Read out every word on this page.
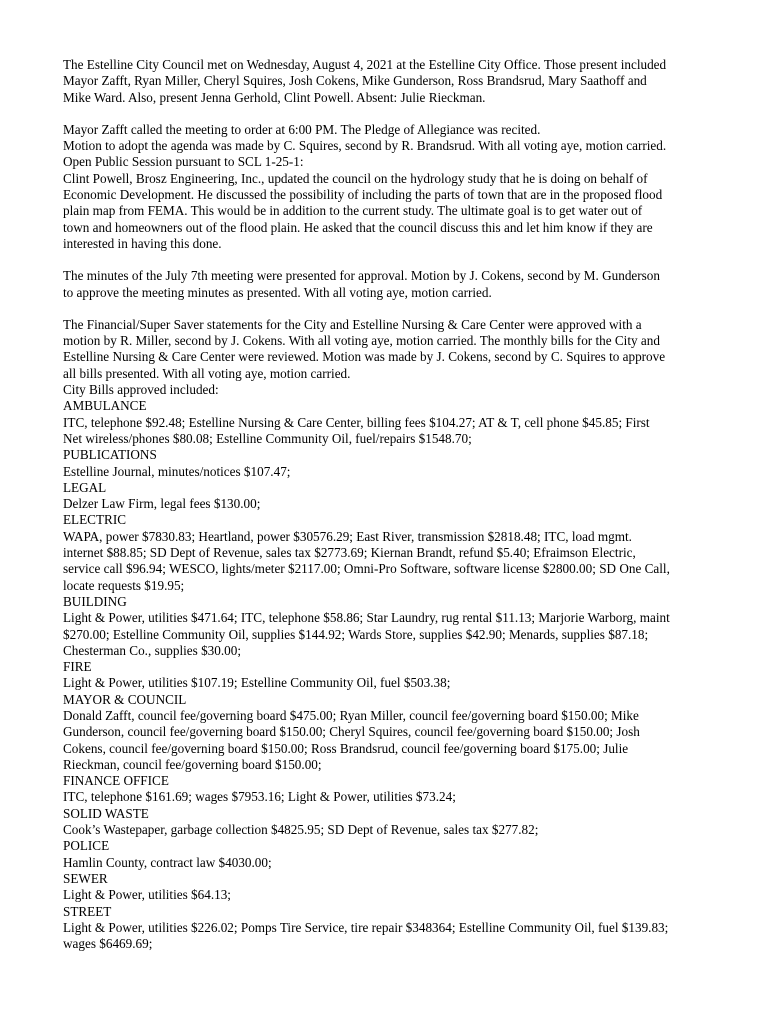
The Estelline City Council met on Wednesday, August 4, 2021 at the Estelline City Office. Those present included
Mayor Zafft, Ryan Miller, Cheryl Squires, Josh Cokens, Mike Gunderson, Ross Brandsrud, Mary Saathoff and
Mike Ward. Also, present Jenna Gerhold, Clint Powell. Absent: Julie Rieckman.

Mayor Zafft called the meeting to order at 6:00 PM. The Pledge of Allegiance was recited.
Motion to adopt the agenda was made by C. Squires, second by R. Brandsrud. With all voting aye, motion carried.
Open Public Session pursuant to SCL 1-25-1:
Clint Powell, Brosz Engineering, Inc., updated the council on the hydrology study that he is doing on behalf of
Economic Development. He discussed the possibility of including the parts of town that are in the proposed flood
plain map from FEMA. This would be in addition to the current study. The ultimate goal is to get water out of
town and homeowners out of the flood plain. He asked that the council discuss this and let him know if they are
interested in having this done.

The minutes of the July 7th meeting were presented for approval. Motion by J. Cokens, second by M. Gunderson
to approve the meeting minutes as presented. With all voting aye, motion carried.

The Financial/Super Saver statements for the City and Estelline Nursing & Care Center were approved with a
motion by R. Miller, second by J. Cokens. With all voting aye, motion carried. The monthly bills for the City and
Estelline Nursing & Care Center were reviewed. Motion was made by J. Cokens, second by C. Squires to approve
all bills presented. With all voting aye, motion carried.
City Bills approved included:
AMBULANCE
ITC, telephone $92.48; Estelline Nursing & Care Center, billing fees $104.27; AT & T, cell phone $45.85; First
Net wireless/phones $80.08; Estelline Community Oil, fuel/repairs $1548.70;
PUBLICATIONS
Estelline Journal, minutes/notices $107.47;
LEGAL
Delzer Law Firm, legal fees $130.00;
ELECTRIC
WAPA, power $7830.83; Heartland, power $30576.29; East River, transmission $2818.48; ITC, load mgmt.
internet $88.85; SD Dept of Revenue, sales tax $2773.69; Kiernan Brandt, refund $5.40; Efraimson Electric,
service call $96.94; WESCO, lights/meter $2117.00; Omni-Pro Software, software license $2800.00; SD One Call,
locate requests $19.95;
BUILDING
Light & Power, utilities $471.64; ITC, telephone $58.86; Star Laundry, rug rental $11.13; Marjorie Warborg, maint
$270.00; Estelline Community Oil, supplies $144.92; Wards Store, supplies $42.90; Menards, supplies $87.18;
Chesterman Co., supplies $30.00;
FIRE
Light & Power, utilities $107.19; Estelline Community Oil, fuel $503.38;
MAYOR & COUNCIL
Donald Zafft, council fee/governing board $475.00; Ryan Miller, council fee/governing board $150.00; Mike
Gunderson, council fee/governing board $150.00; Cheryl Squires, council fee/governing board $150.00; Josh
Cokens, council fee/governing board $150.00; Ross Brandsrud, council fee/governing board $175.00; Julie
Rieckman, council fee/governing board $150.00;
FINANCE OFFICE
ITC, telephone $161.69; wages $7953.16; Light & Power, utilities $73.24;
SOLID WASTE
Cook’s Wastepaper, garbage collection $4825.95; SD Dept of Revenue, sales tax $277.82;
POLICE
Hamlin County, contract law $4030.00;
SEWER
Light & Power, utilities $64.13;
STREET
Light & Power, utilities $226.02; Pomps Tire Service, tire repair $348364; Estelline Community Oil, fuel $139.83;
wages $6469.69;
